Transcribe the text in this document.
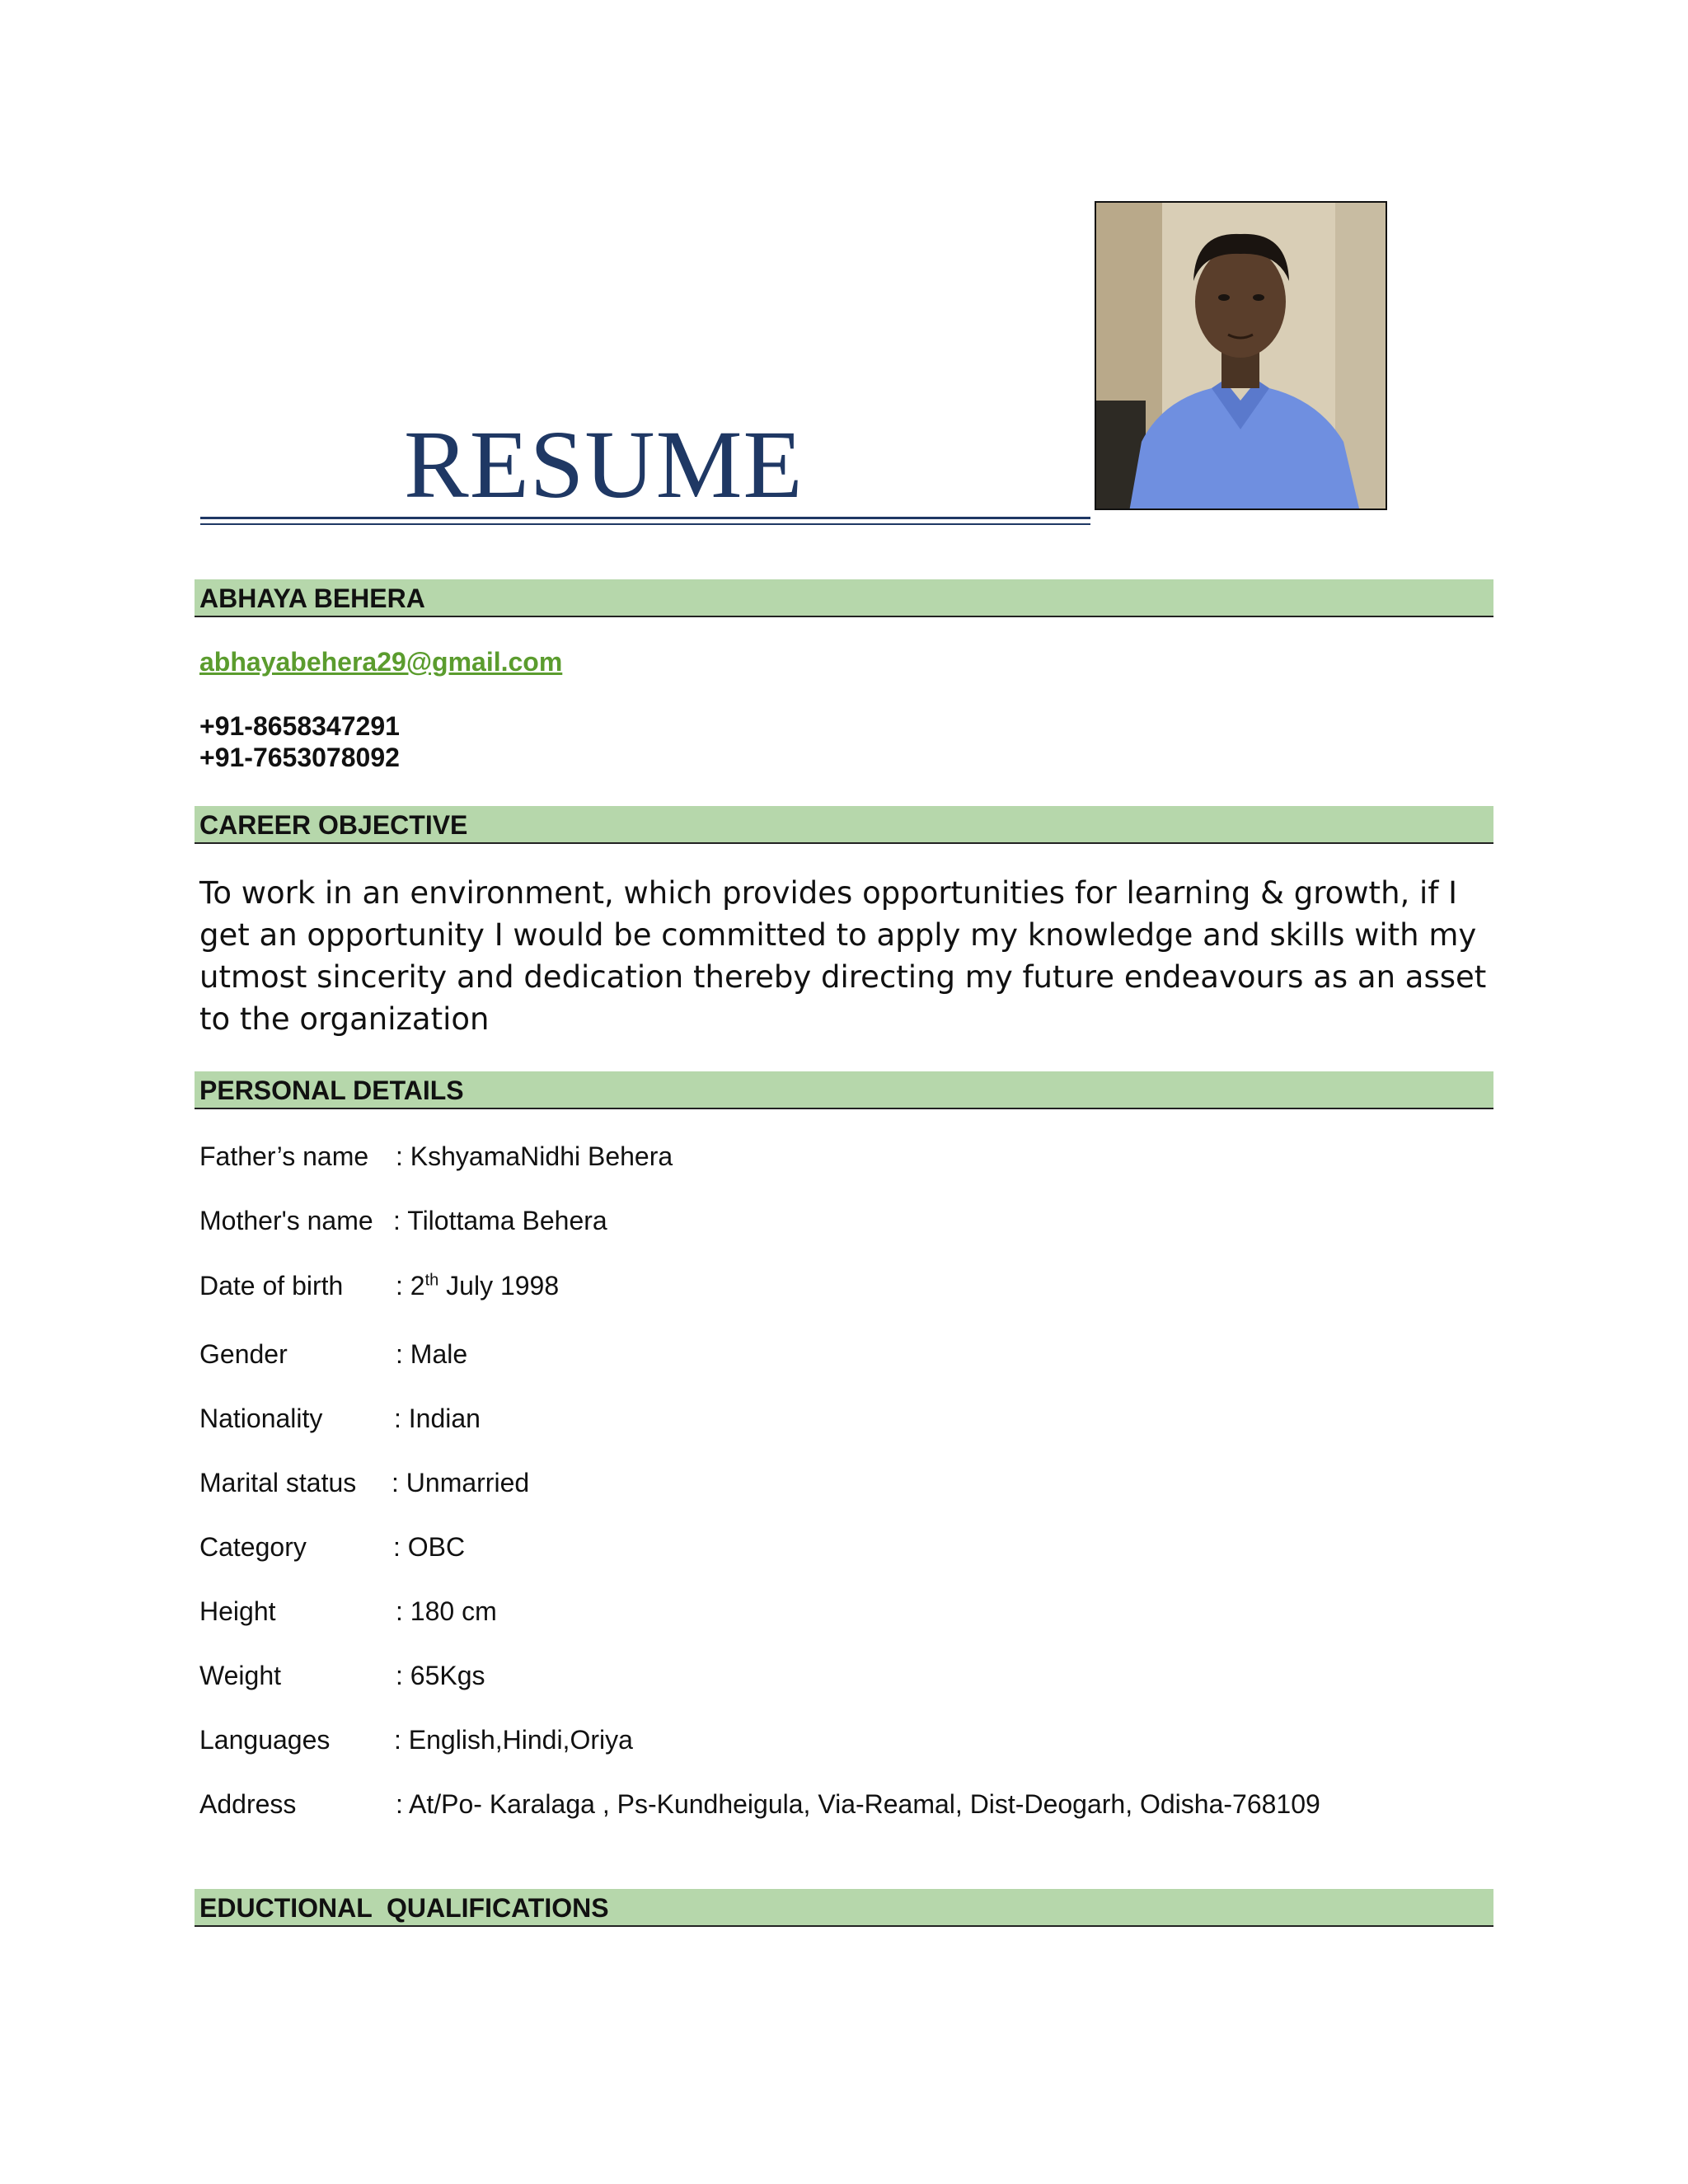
RESUME
ABHAYA BEHERA
abhayabehera29@gmail.com
+91-8658347291
+91-7653078092
CAREER OBJECTIVE
To work in an environment, which provides opportunities for learning & growth, if I get an opportunity I would be committed to apply my knowledge and skills with my utmost sincerity and dedication thereby directing my future endeavours as an asset to the organization
PERSONAL DETAILS
Father’s name : KshyamaNidhi Behera
Mother's name : Tilottama Behera
Date of birth : 2th July 1998
Gender	: Male
Nationality	: Indian
Marital status : Unmarried
Category	: OBC
Height	: 180 cm
Weight	: 65Kgs
Languages : English,Hindi,Oriya
Address	: At/Po- Karalaga , Ps-Kundheigula, Via-Reamal, Dist-Deogarh, Odisha-768109
EDUCTIONAL  QUALIFICATIONS
